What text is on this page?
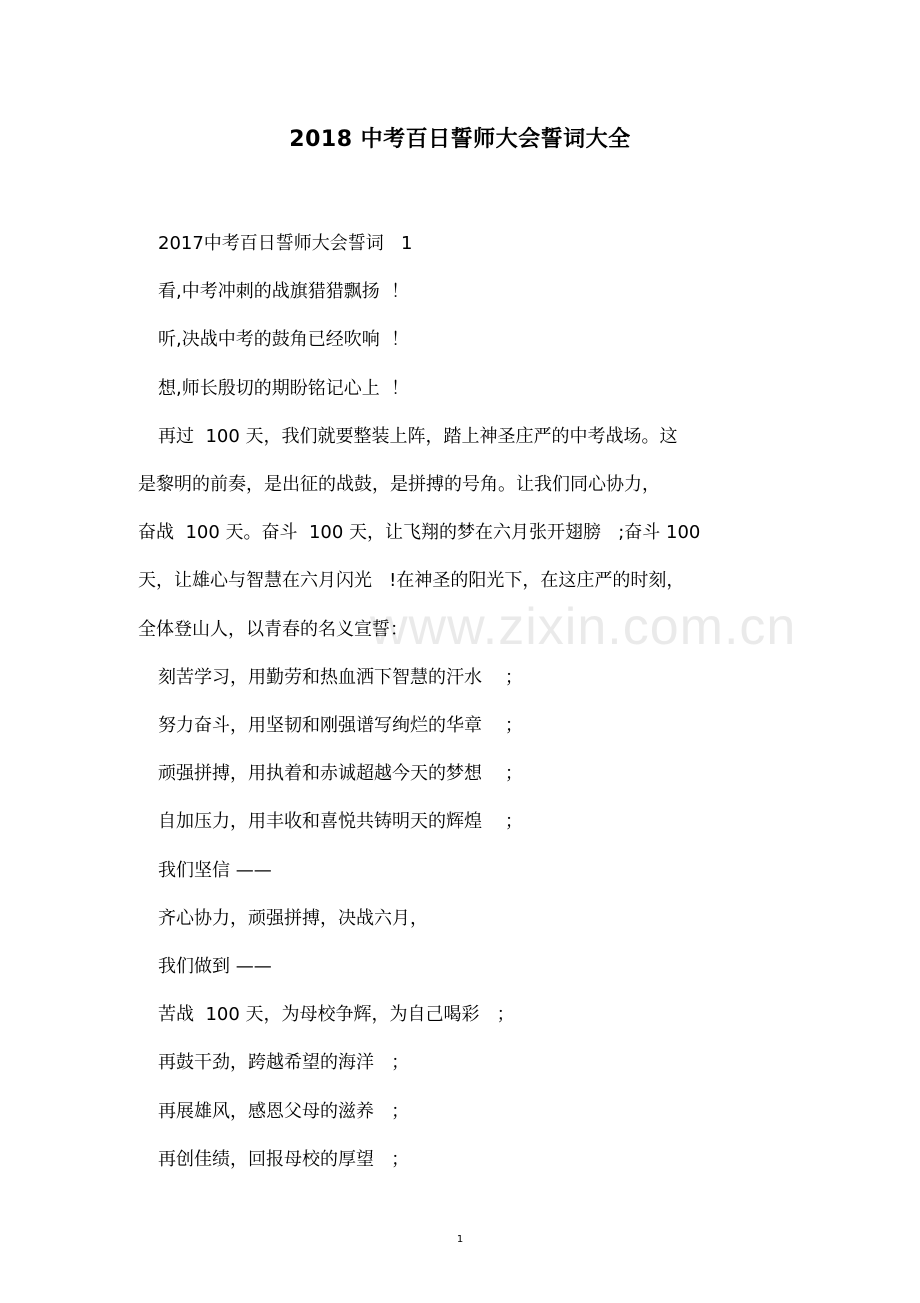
2018 中考百日誓师大会誓词大全

2017中考百日誓师大会誓词   1

看,中考冲刺的战旗猎猎飘扬  ！

听,决战中考的鼓角已经吹响  ！

想,师长殷切的期盼铭记心上  ！

再过  100 天，我们就要整装上阵，踏上神圣庄严的中考战场。这

是黎明的前奏，是出征的战鼓，是拼搏的号角。让我们同心协力，

奋战  100 天。奋斗  100 天，让飞翔的梦在六月张开翅膀   ;奋斗 100

天，让雄心与智慧在六月闪光   !在神圣的阳光下，在这庄严的时刻，

全体登山人，以青春的名义宣誓：

刻苦学习，用勤劳和热血洒下智慧的汗水    ；

努力奋斗，用坚韧和刚强谱写绚烂的华章    ；

顽强拼搏，用执着和赤诚超越今天的梦想    ；

自加压力，用丰收和喜悦共铸明天的辉煌    ；

我们坚信 ——

齐心协力，顽强拼搏，决战六月，

我们做到 ——

苦战  100 天，为母校争辉，为自己喝彩   ；

再鼓干劲，跨越希望的海洋   ；

再展雄风，感恩父母的滋养   ；

再创佳绩，回报母校的厚望   ；

www.zixin.com.cn
1
